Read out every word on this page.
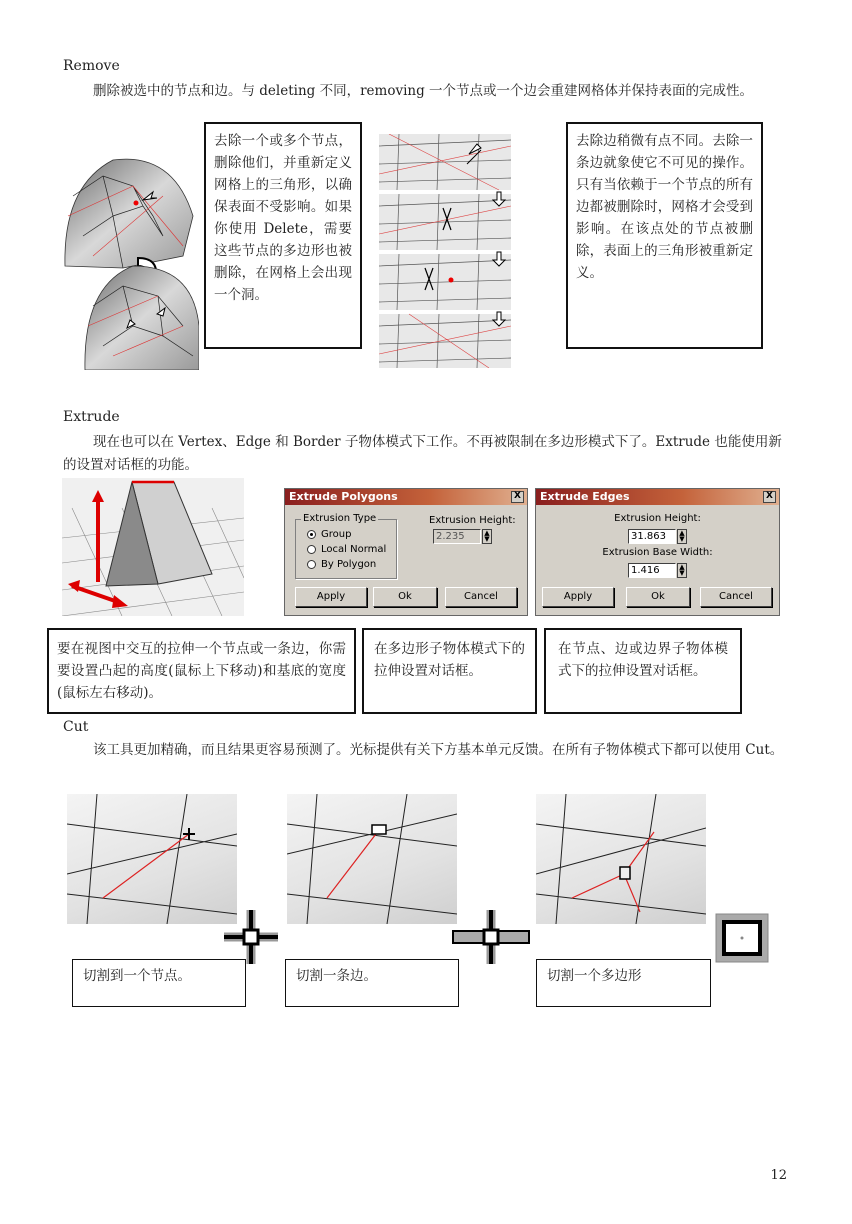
Remove
删除被选中的节点和边。与 deleting 不同，removing 一个节点或一个边会重建网格体并保持表面的完成性。
去除一个或多个节点，删除他们，并重新定义网格上的三角形，以确保表面不受影响。如果你使用 Delete，需要这些节点的多边形也被删除，在网格上会出现一个洞。
去除边稍微有点不同。去除一条边就象使它不可见的操作。只有当依赖于一个节点的所有边都被删除时，网格才会受到影响。在该点处的节点被删除，表面上的三角形被重新定义。
Extrude
现在也可以在 Vertex、Edge 和 Border 子物体模式下工作。不再被限制在多边形模式下了。Extrude 也能使用新的设置对话框的功能。
Extrude Polygons	X
Extrusion Type
Group
Local Normal
By Polygon
Extrusion Height:
2.235	▲
▼
Apply	Ok	Cancel
Extrude Edges	X
Extrusion Height:
31.863	▲
▼
Extrusion Base Width:
1.416	▲
▼
Apply	Ok	Cancel
要在视图中交互的拉伸一个节点或一条边，你需要设置凸起的高度(鼠标上下移动)和基底的宽度(鼠标左右移动)。
在多边形子物体模式下的拉伸设置对话框。
在节点、边或边界子物体模式下的拉伸设置对话框。
Cut
该工具更加精确，而且结果更容易预测了。光标提供有关下方基本单元反馈。在所有子物体模式下都可以使用 Cut。
切割到一个节点。	切割一条边。	切割一个多边形
12
